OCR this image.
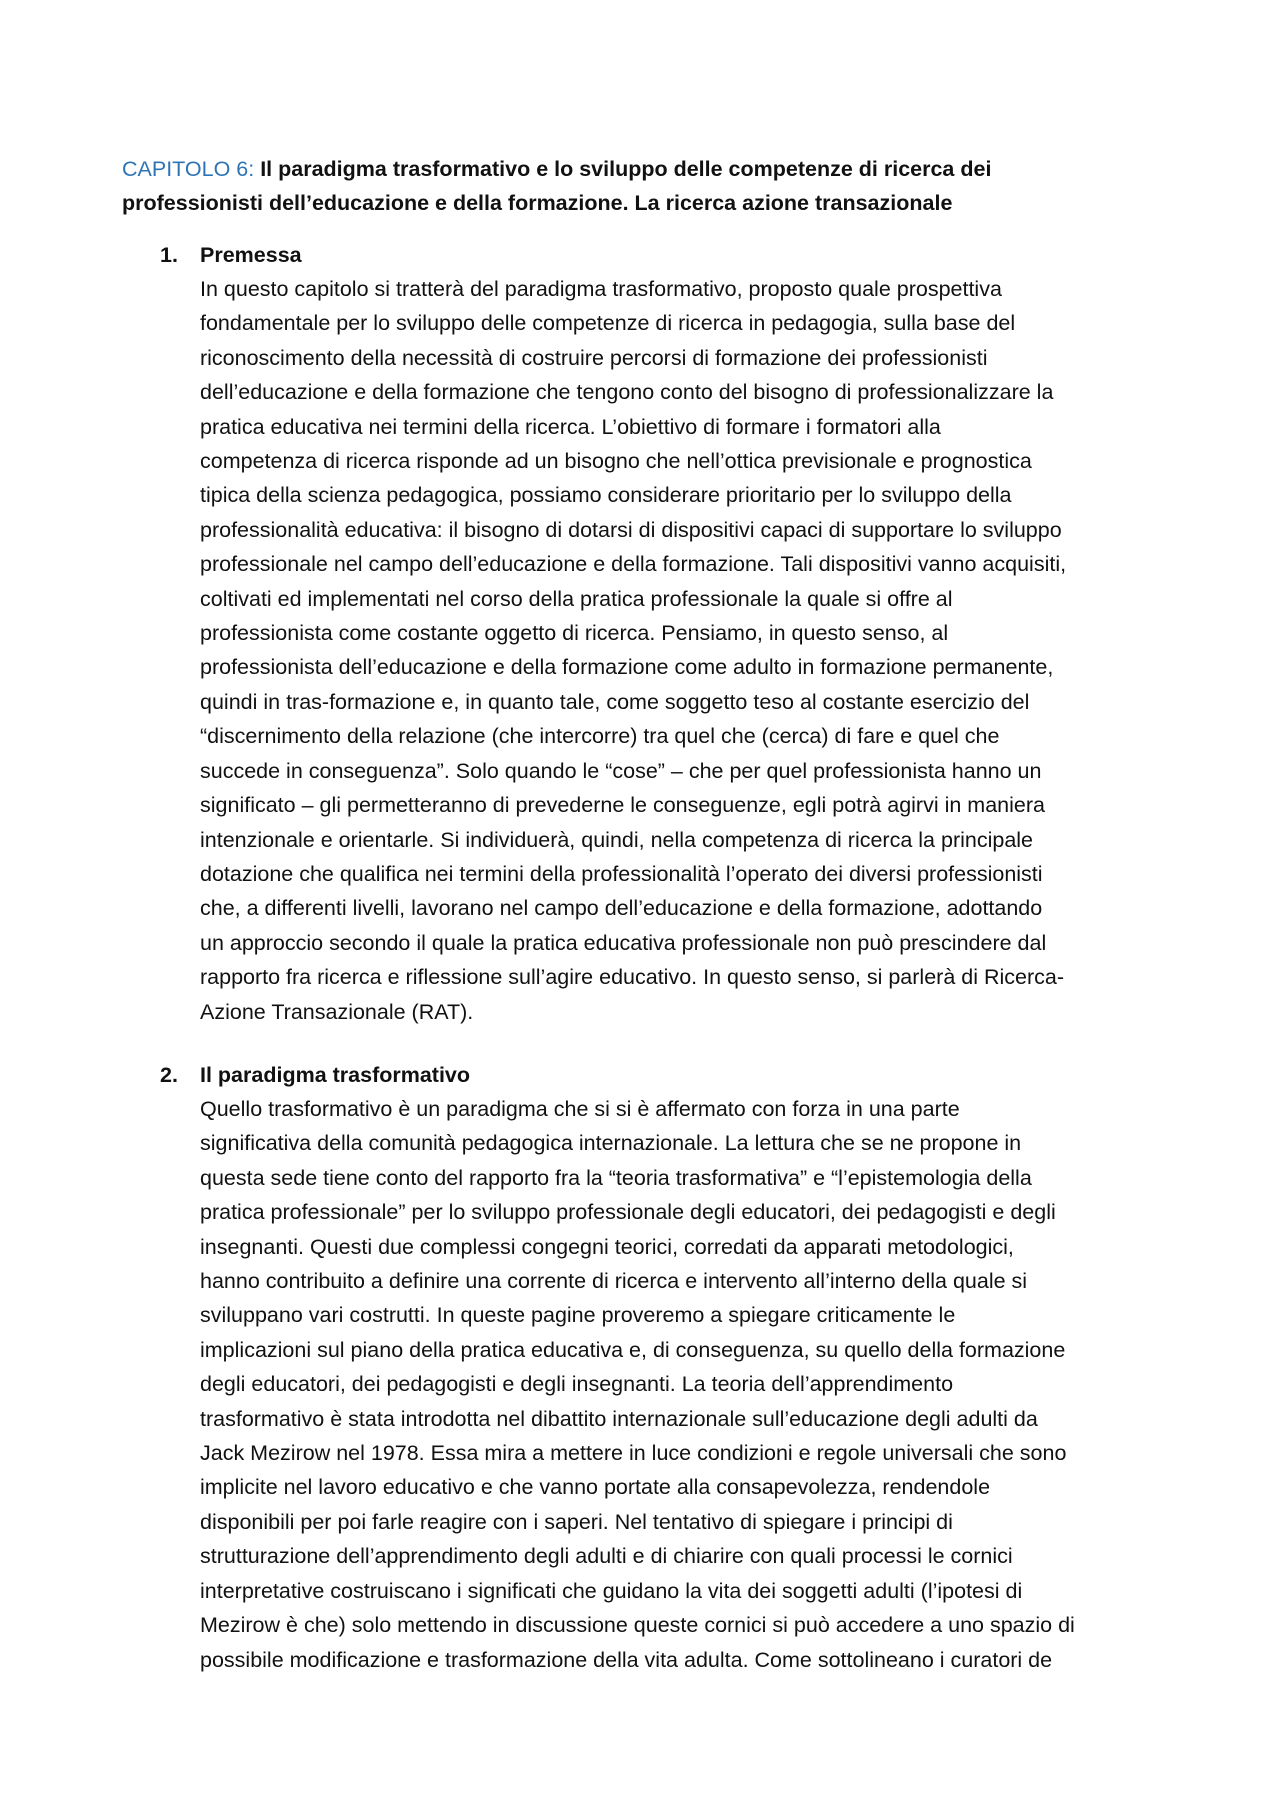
CAPITOLO 6: Il paradigma trasformativo e lo sviluppo delle competenze di ricerca dei
professionisti dell’educazione e della formazione. La ricerca azione transazionale
1. Premessa
In questo capitolo si tratterà del paradigma trasformativo, proposto quale prospettiva
fondamentale per lo sviluppo delle competenze di ricerca in pedagogia, sulla base del
riconoscimento della necessità di costruire percorsi di formazione dei professionisti
dell’educazione e della formazione che tengono conto del bisogno di professionalizzare la
pratica educativa nei termini della ricerca. L’obiettivo di formare i formatori alla
competenza di ricerca risponde ad un bisogno che nell’ottica previsionale e prognostica
tipica della scienza pedagogica, possiamo considerare prioritario per lo sviluppo della
professionalità educativa: il bisogno di dotarsi di dispositivi capaci di supportare lo sviluppo
professionale nel campo dell’educazione e della formazione. Tali dispositivi vanno acquisiti,
coltivati ed implementati nel corso della pratica professionale la quale si offre al
professionista come costante oggetto di ricerca. Pensiamo, in questo senso, al
professionista dell’educazione e della formazione come adulto in formazione permanente,
quindi in tras-formazione e, in quanto tale, come soggetto teso al costante esercizio del
“discernimento della relazione (che intercorre) tra quel che (cerca) di fare e quel che
succede in conseguenza”. Solo quando le “cose” – che per quel professionista hanno un
significato – gli permetteranno di prevederne le conseguenze, egli potrà agirvi in maniera
intenzionale e orientarle. Si individuerà, quindi, nella competenza di ricerca la principale
dotazione che qualifica nei termini della professionalità l’operato dei diversi professionisti
che, a differenti livelli, lavorano nel campo dell’educazione e della formazione, adottando
un approccio secondo il quale la pratica educativa professionale non può prescindere dal
rapporto fra ricerca e riflessione sull’agire educativo. In questo senso, si parlerà di Ricerca-
Azione Transazionale (RAT).
2. Il paradigma trasformativo
Quello trasformativo è un paradigma che si si è affermato con forza in una parte
significativa della comunità pedagogica internazionale. La lettura che se ne propone in
questa sede tiene conto del rapporto fra la “teoria trasformativa” e “l’epistemologia della
pratica professionale” per lo sviluppo professionale degli educatori, dei pedagogisti e degli
insegnanti. Questi due complessi congegni teorici, corredati da apparati metodologici,
hanno contribuito a definire una corrente di ricerca e intervento all’interno della quale si
sviluppano vari costrutti. In queste pagine proveremo a spiegare criticamente le
implicazioni sul piano della pratica educativa e, di conseguenza, su quello della formazione
degli educatori, dei pedagogisti e degli insegnanti. La teoria dell’apprendimento
trasformativo è stata introdotta nel dibattito internazionale sull’educazione degli adulti da
Jack Mezirow nel 1978. Essa mira a mettere in luce condizioni e regole universali che sono
implicite nel lavoro educativo e che vanno portate alla consapevolezza, rendendole
disponibili per poi farle reagire con i saperi. Nel tentativo di spiegare i principi di
strutturazione dell’apprendimento degli adulti e di chiarire con quali processi le cornici
interpretative costruiscano i significati che guidano la vita dei soggetti adulti (l’ipotesi di
Mezirow è che) solo mettendo in discussione queste cornici si può accedere a uno spazio di
possibile modificazione e trasformazione della vita adulta. Come sottolineano i curatori de
